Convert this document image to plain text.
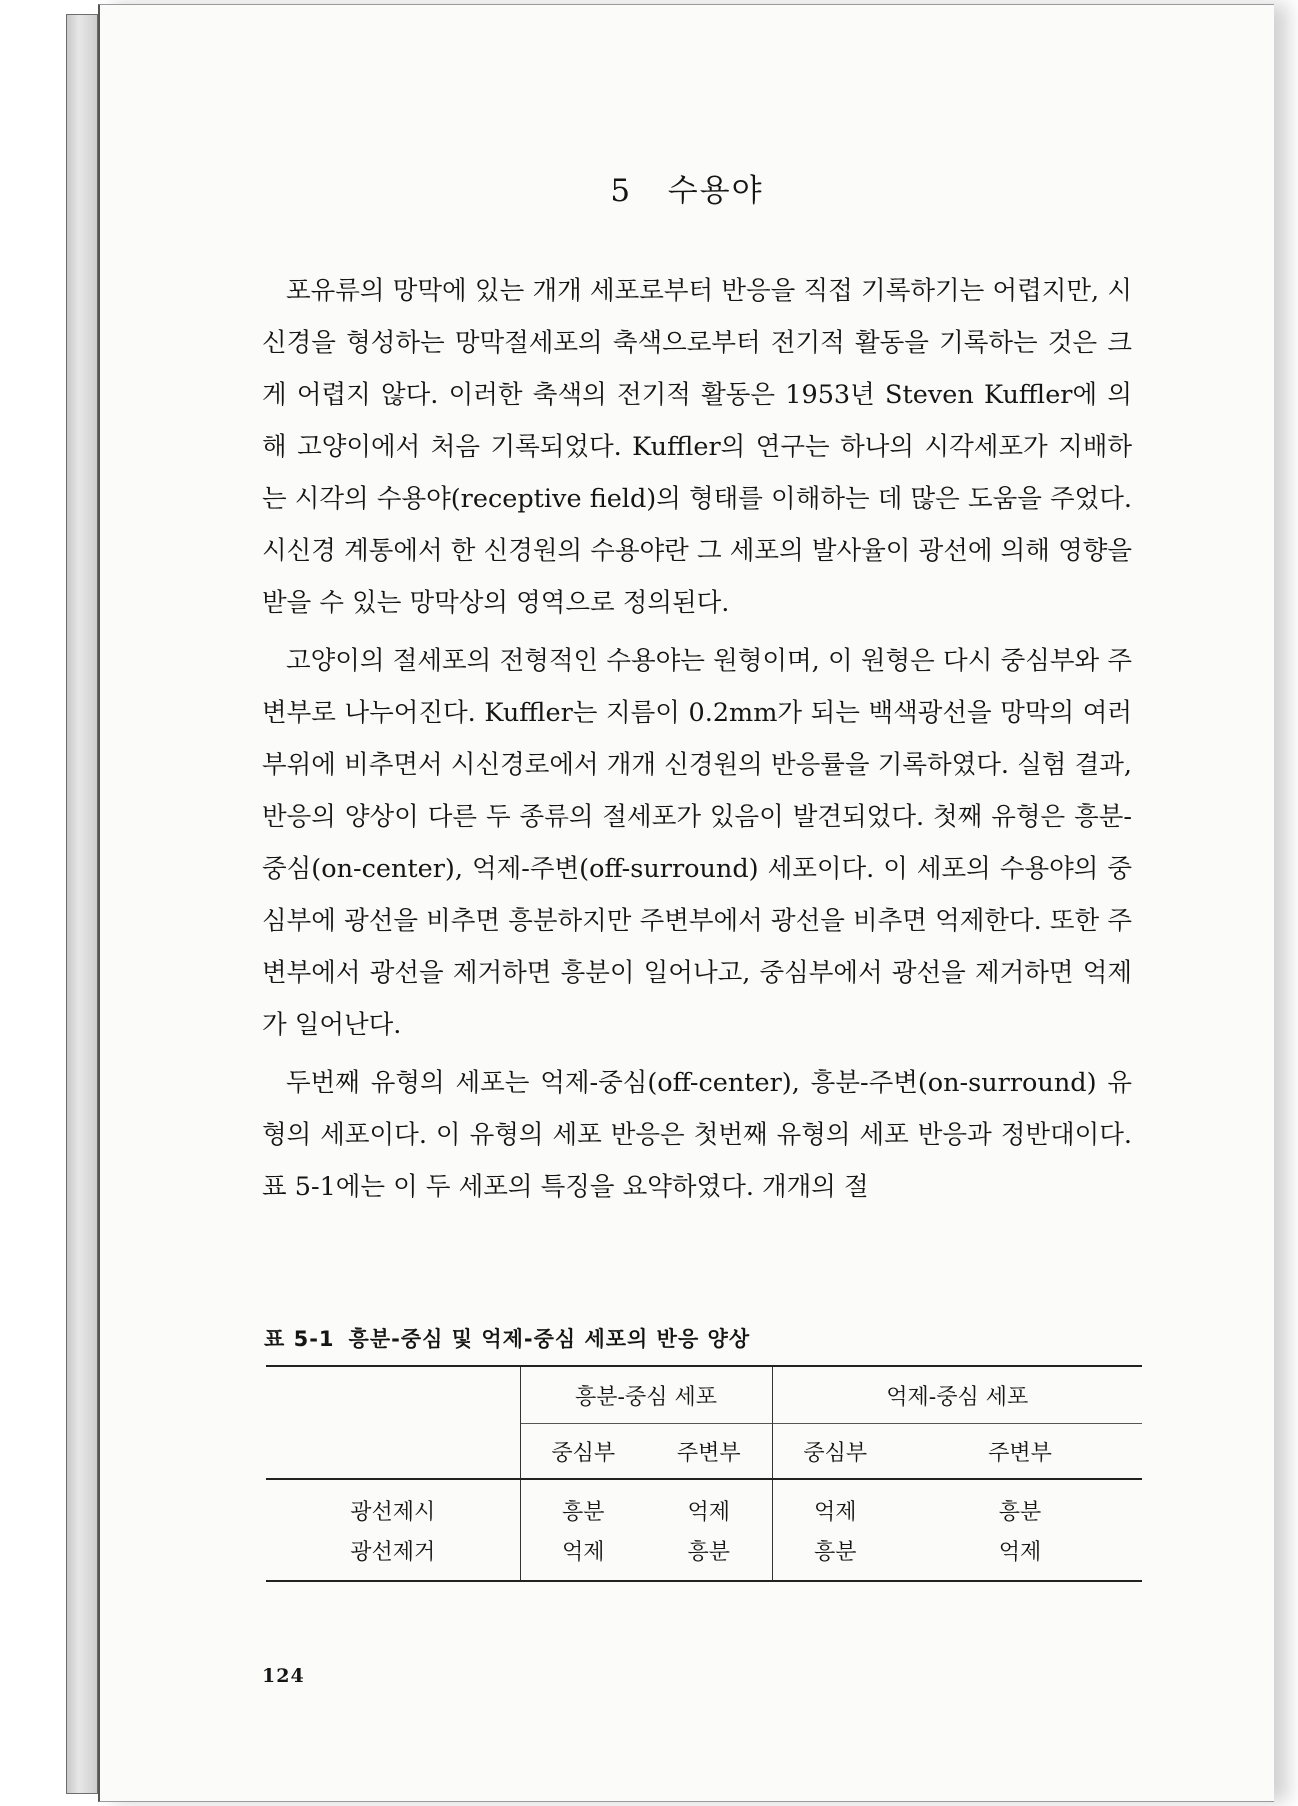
5 수용야

포유류의 망막에 있는 개개 세포로부터 반응을 직접 기록하기는 어렵지만, 시신경을 형성하는 망막절세포의 축색으로부터 전기적 활동을 기록하는 것은 크게 어렵지 않다. 이러한 축색의 전기적 활동은 1953년 Steven Kuffler에 의해 고양이에서 처음 기록되었다. Kuffler의 연구는 하나의 시각세포가 지배하는 시각의 수용야(receptive field)의 형태를 이해하는 데 많은 도움을 주었다. 시신경 계통에서 한 신경원의 수용야란 그 세포의 발사율이 광선에 의해 영향을 받을 수 있는 망막상의 영역으로 정의된다.

고양이의 절세포의 전형적인 수용야는 원형이며, 이 원형은 다시 중심부와 주변부로 나누어진다. Kuffler는 지름이 0.2mm가 되는 백색광선을 망막의 여러 부위에 비추면서 시신경로에서 개개 신경원의 반응률을 기록하였다. 실험 결과, 반응의 양상이 다른 두 종류의 절세포가 있음이 발견되었다. 첫째 유형은 흥분-중심(on-center), 억제-주변(off-surround) 세포이다. 이 세포의 수용야의 중심부에 광선을 비추면 흥분하지만 주변부에서 광선을 비추면 억제한다. 또한 주변부에서 광선을 제거하면 흥분이 일어나고, 중심부에서 광선을 제거하면 억제가 일어난다.

두번째 유형의 세포는 억제-중심(off-center), 흥분-주변(on-surround) 유형의 세포이다. 이 유형의 세포 반응은 첫번째 유형의 세포 반응과 정반대이다. 표 5-1에는 이 두 세포의 특징을 요약하였다. 개개의 절

표 5-1 흥분-중심 및 억제-중심 세포의 반응 양상
	흥분-중심 세포		억제-중심 세포	
	중심부	주변부	중심부	주변부
광선제시	흥분	억제	억제	흥분
광선제거	억제	흥분	흥분	억제
124
